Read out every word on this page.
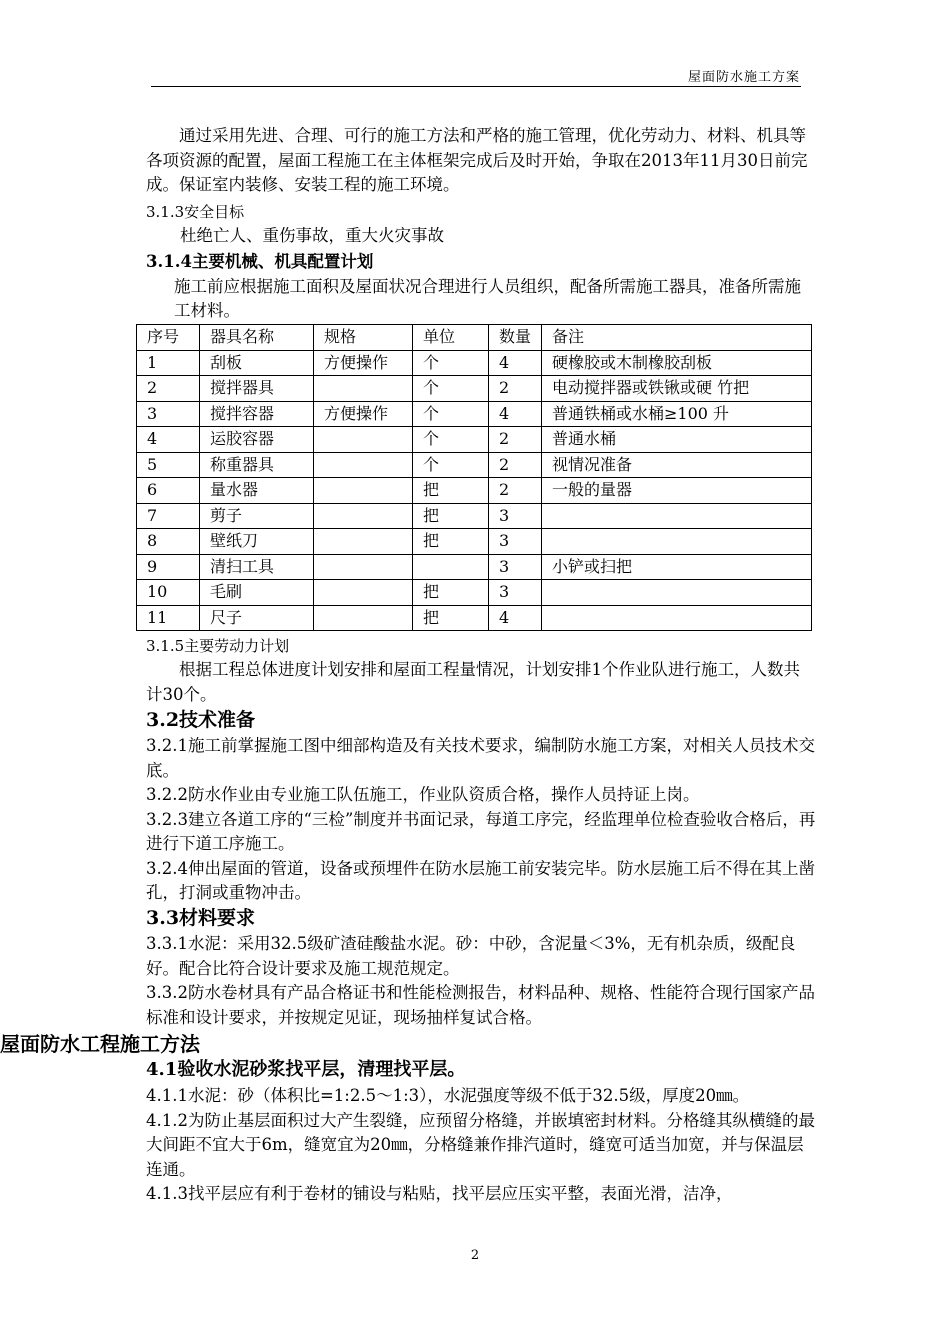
屋面防水施工方案

通过采用先进、合理、可行的施工方法和严格的施工管理，优化劳动力、材料、机具等各项资源的配置，屋面工程施工在主体框架完成后及时开始，争取在2013年11月30日前完成。保证室内装修、安装工程的施工环境。

3.1.3安全目标

杜绝亡人、重伤事故，重大火灾事故

3.1.4主要机械、机具配置计划

施工前应根据施工面积及屋面状况合理进行人员组织，配备所需施工器具，准备所需施工材料。

序号	器具名称	规格	单位	数量	备注
1	刮板	方便操作	个	4	硬橡胶或木制橡胶刮板
2	搅拌器具		个	2	电动搅拌器或铁锹或硬 竹把
3	搅拌容器	方便操作	个	4	普通铁桶或水桶≥100 升
4	运胶容器		个	2	普通水桶
5	称重器具		个	2	视情况准备
6	量水器		把	2	一般的量器
7	剪子		把	3	
8	壁纸刀		把	3	
9	清扫工具			3	小铲或扫把
10	毛刷		把	3	
11	尺子		把	4	

3.1.5主要劳动力计划

根据工程总体进度计划安排和屋面工程量情况，计划安排1个作业队进行施工，人数共计30个。

3.2技术准备

3.2.1施工前掌握施工图中细部构造及有关技术要求，编制防水施工方案，对相关人员技术交底。

3.2.2防水作业由专业施工队伍施工，作业队资质合格，操作人员持证上岗。

3.2.3建立各道工序的“三检”制度并书面记录，每道工序完，经监理单位检查验收合格后，再进行下道工序施工。

3.2.4伸出屋面的管道，设备或预埋件在防水层施工前安装完毕。防水层施工后不得在其上凿孔，打洞或重物冲击。

3.3材料要求

3.3.1水泥：采用32.5级矿渣硅酸盐水泥。砂：中砂，含泥量＜3%，无有机杂质，级配良好。配合比符合设计要求及施工规范规定。

3.3.2防水卷材具有产品合格证书和性能检测报告，材料品种、规格、性能符合现行国家产品标准和设计要求，并按规定见证，现场抽样复试合格。

屋面防水工程施工方法

4.1验收水泥砂浆找平层，清理找平层。

4.1.1水泥：砂（体积比=1:2.5～1:3），水泥强度等级不低于32.5级，厚度20㎜。

4.1.2为防止基层面积过大产生裂缝，应预留分格缝，并嵌填密封材料。分格缝其纵横缝的最大间距不宜大于6m，缝宽宜为20㎜，分格缝兼作排汽道时，缝宽可适当加宽，并与保温层连通。

4.1.3找平层应有利于卷材的铺设与粘贴，找平层应压实平整，表面光滑，洁净，

2
